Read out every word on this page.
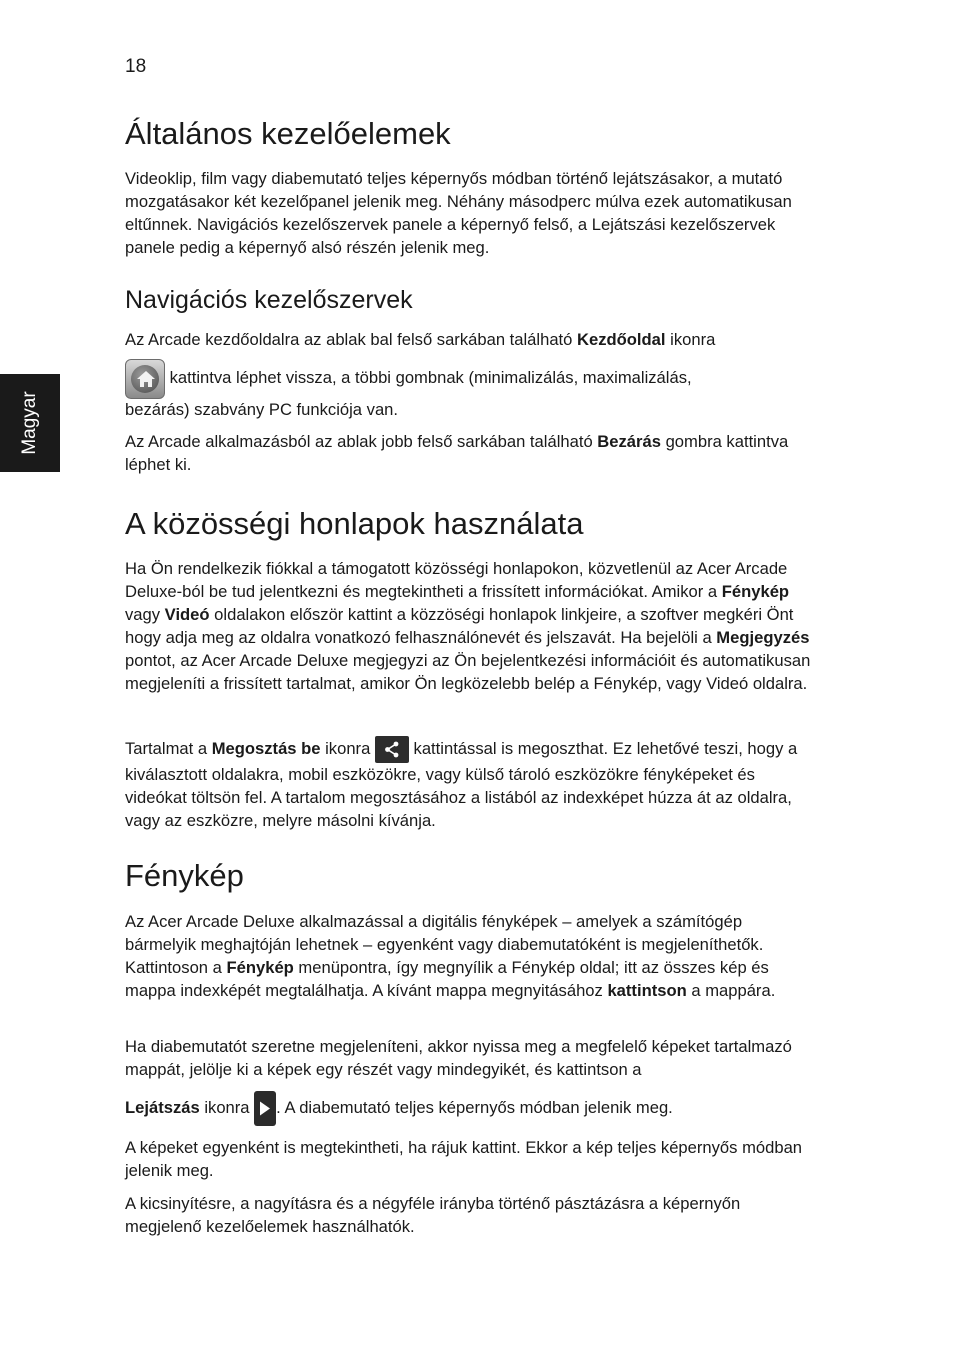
18
Magyar
Általános kezelőelemek

Videoklip, film vagy diabemutató teljes képernyős módban történő lejátszásakor, a mutató mozgatásakor két kezelőpanel jelenik meg. Néhány másodperc múlva ezek automatikusan eltűnnek. Navigációs kezelőszervek panele a képernyő felső, a Lejátszási kezelőszervek panele pedig a képernyő alsó részén jelenik meg.

Navigációs kezelőszervek

Az Arcade kezdőoldalra az ablak bal felső sarkában található Kezdőoldal ikonra

kattintva léphet vissza, a többi gombnak (minimalizálás, maximalizálás,

bezárás) szabvány PC funkciója van.

Az Arcade alkalmazásból az ablak jobb felső sarkában található Bezárás gombra kattintva léphet ki.

A közösségi honlapok használata

Ha Ön rendelkezik fiókkal a támogatott közösségi honlapokon, közvetlenül az Acer Arcade Deluxe-ból be tud jelentkezni és megtekintheti a frissített információkat. Amikor a Fénykép vagy Videó oldalakon először kattint a közzöségi honlapok linkjeire, a szoftver megkéri Önt hogy adja meg az oldalra vonatkozó felhasználónevét és jelszavát. Ha bejelöli a Megjegyzés pontot, az Acer Arcade Deluxe megjegyzi az Ön bejelentkezési információit és automatikusan megjeleníti a frissített tartalmat, amikor Ön legközelebb belép a Fénykép, vagy Videó oldalra.

Tartalmat a Megosztás be ikonra
kattintással is megoszthat. Ez lehetővé teszi, hogy a kiválasztott oldalakra, mobil eszközökre, vagy külső tároló eszközökre fényképeket és videókat töltsön fel. A tartalom megosztásához a listából az indexképet húzza át az oldalra, vagy az eszközre, melyre másolni kívánja.

Fénykép

Az Acer Arcade Deluxe alkalmazással a digitális fényképek – amelyek a számítógép bármelyik meghajtóján lehetnek – egyenként vagy diabemutatóként is megjeleníthetők. Kattintoson a Fénykép menüpontra, így megnyílik a Fénykép oldal; itt az összes kép és mappa indexképét megtalálhatja. A kívánt mappa megnyitásához kattintson a mappára.

Ha diabemutatót szeretne megjeleníteni, akkor nyissa meg a megfelelő képeket tartalmazó mappát, jelölje ki a képek egy részét vagy mindegyikét, és kattintson a

Lejátszás ikonra
. A diabemutató teljes képernyős módban jelenik meg.

A képeket egyenként is megtekintheti, ha rájuk kattint. Ekkor a kép teljes képernyős módban jelenik meg.

A kicsinyítésre, a nagyításra és a négyféle irányba történő pásztázásra a képernyőn megjelenő kezelőelemek használhatók.
